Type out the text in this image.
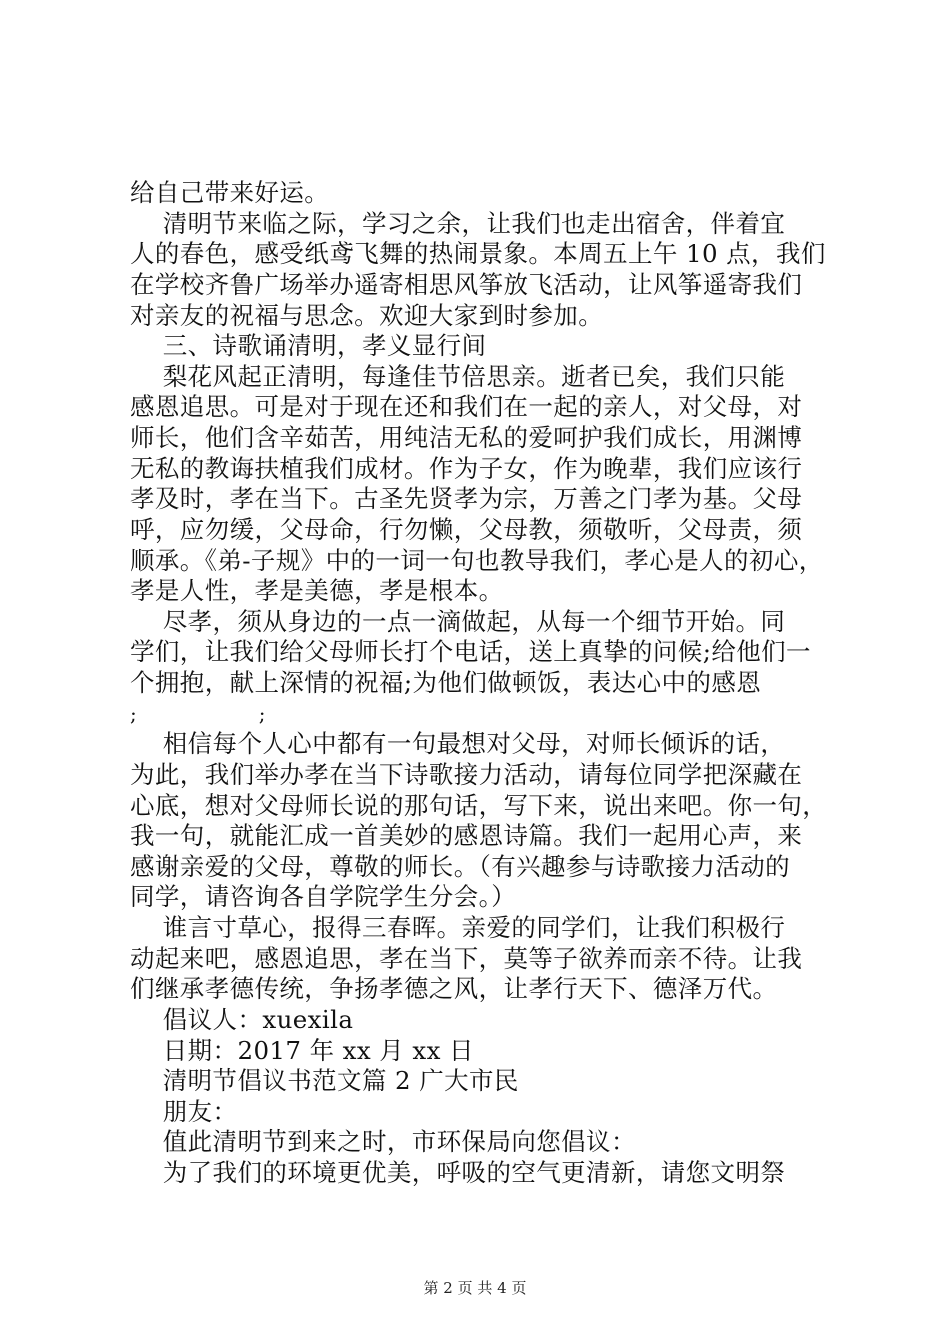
给自己带来好运。
清明节来临之际，学习之余，让我们也走出宿舍，伴着宜
人的春色，感受纸鸢飞舞的热闹景象。本周五上午 10 点，我们
在学校齐鲁广场举办遥寄相思风筝放飞活动，让风筝遥寄我们
对亲友的祝福与思念。欢迎大家到时参加。
三、诗歌诵清明，孝义显行间
梨花风起正清明，每逢佳节倍思亲。逝者已矣，我们只能
感恩追思。可是对于现在还和我们在一起的亲人，对父母，对
师长，他们含辛茹苦，用纯洁无私的爱呵护我们成长，用渊博
无私的教诲扶植我们成材。作为子女，作为晚辈，我们应该行
孝及时，孝在当下。古圣先贤孝为宗，万善之门孝为基。父母
呼，应勿缓，父母命，行勿懒，父母教，须敬听，父母责，须
顺承。《弟-子规》中的一词一句也教导我们，孝心是人的初心，
孝是人性，孝是美德，孝是根本。
尽孝，须从身边的一点一滴做起，从每一个细节开始。同
学们，让我们给父母师长打个电话，送上真挚的问候;给他们一
个拥抱，献上深情的祝福;为他们做顿饭，表达心中的感恩
;                  ;
相信每个人心中都有一句最想对父母，对师长倾诉的话，
为此，我们举办孝在当下诗歌接力活动，请每位同学把深藏在
心底，想对父母师长说的那句话，写下来，说出来吧。你一句，
我一句，就能汇成一首美妙的感恩诗篇。我们一起用心声，来
感谢亲爱的父母，尊敬的师长。（有兴趣参与诗歌接力活动的
同学，请咨询各自学院学生分会。）
谁言寸草心，报得三春晖。亲爱的同学们，让我们积极行
动起来吧，感恩追思，孝在当下，莫等子欲养而亲不待。让我
们继承孝德传统，争扬孝德之风，让孝行天下、德泽万代。
倡议人：xuexila
日期：2017 年 xx 月 xx 日
清明节倡议书范文篇 2 广大市民
朋友：
值此清明节到来之时，市环保局向您倡议：
为了我们的环境更优美，呼吸的空气更清新，请您文明祭
第 2 页 共 4 页
